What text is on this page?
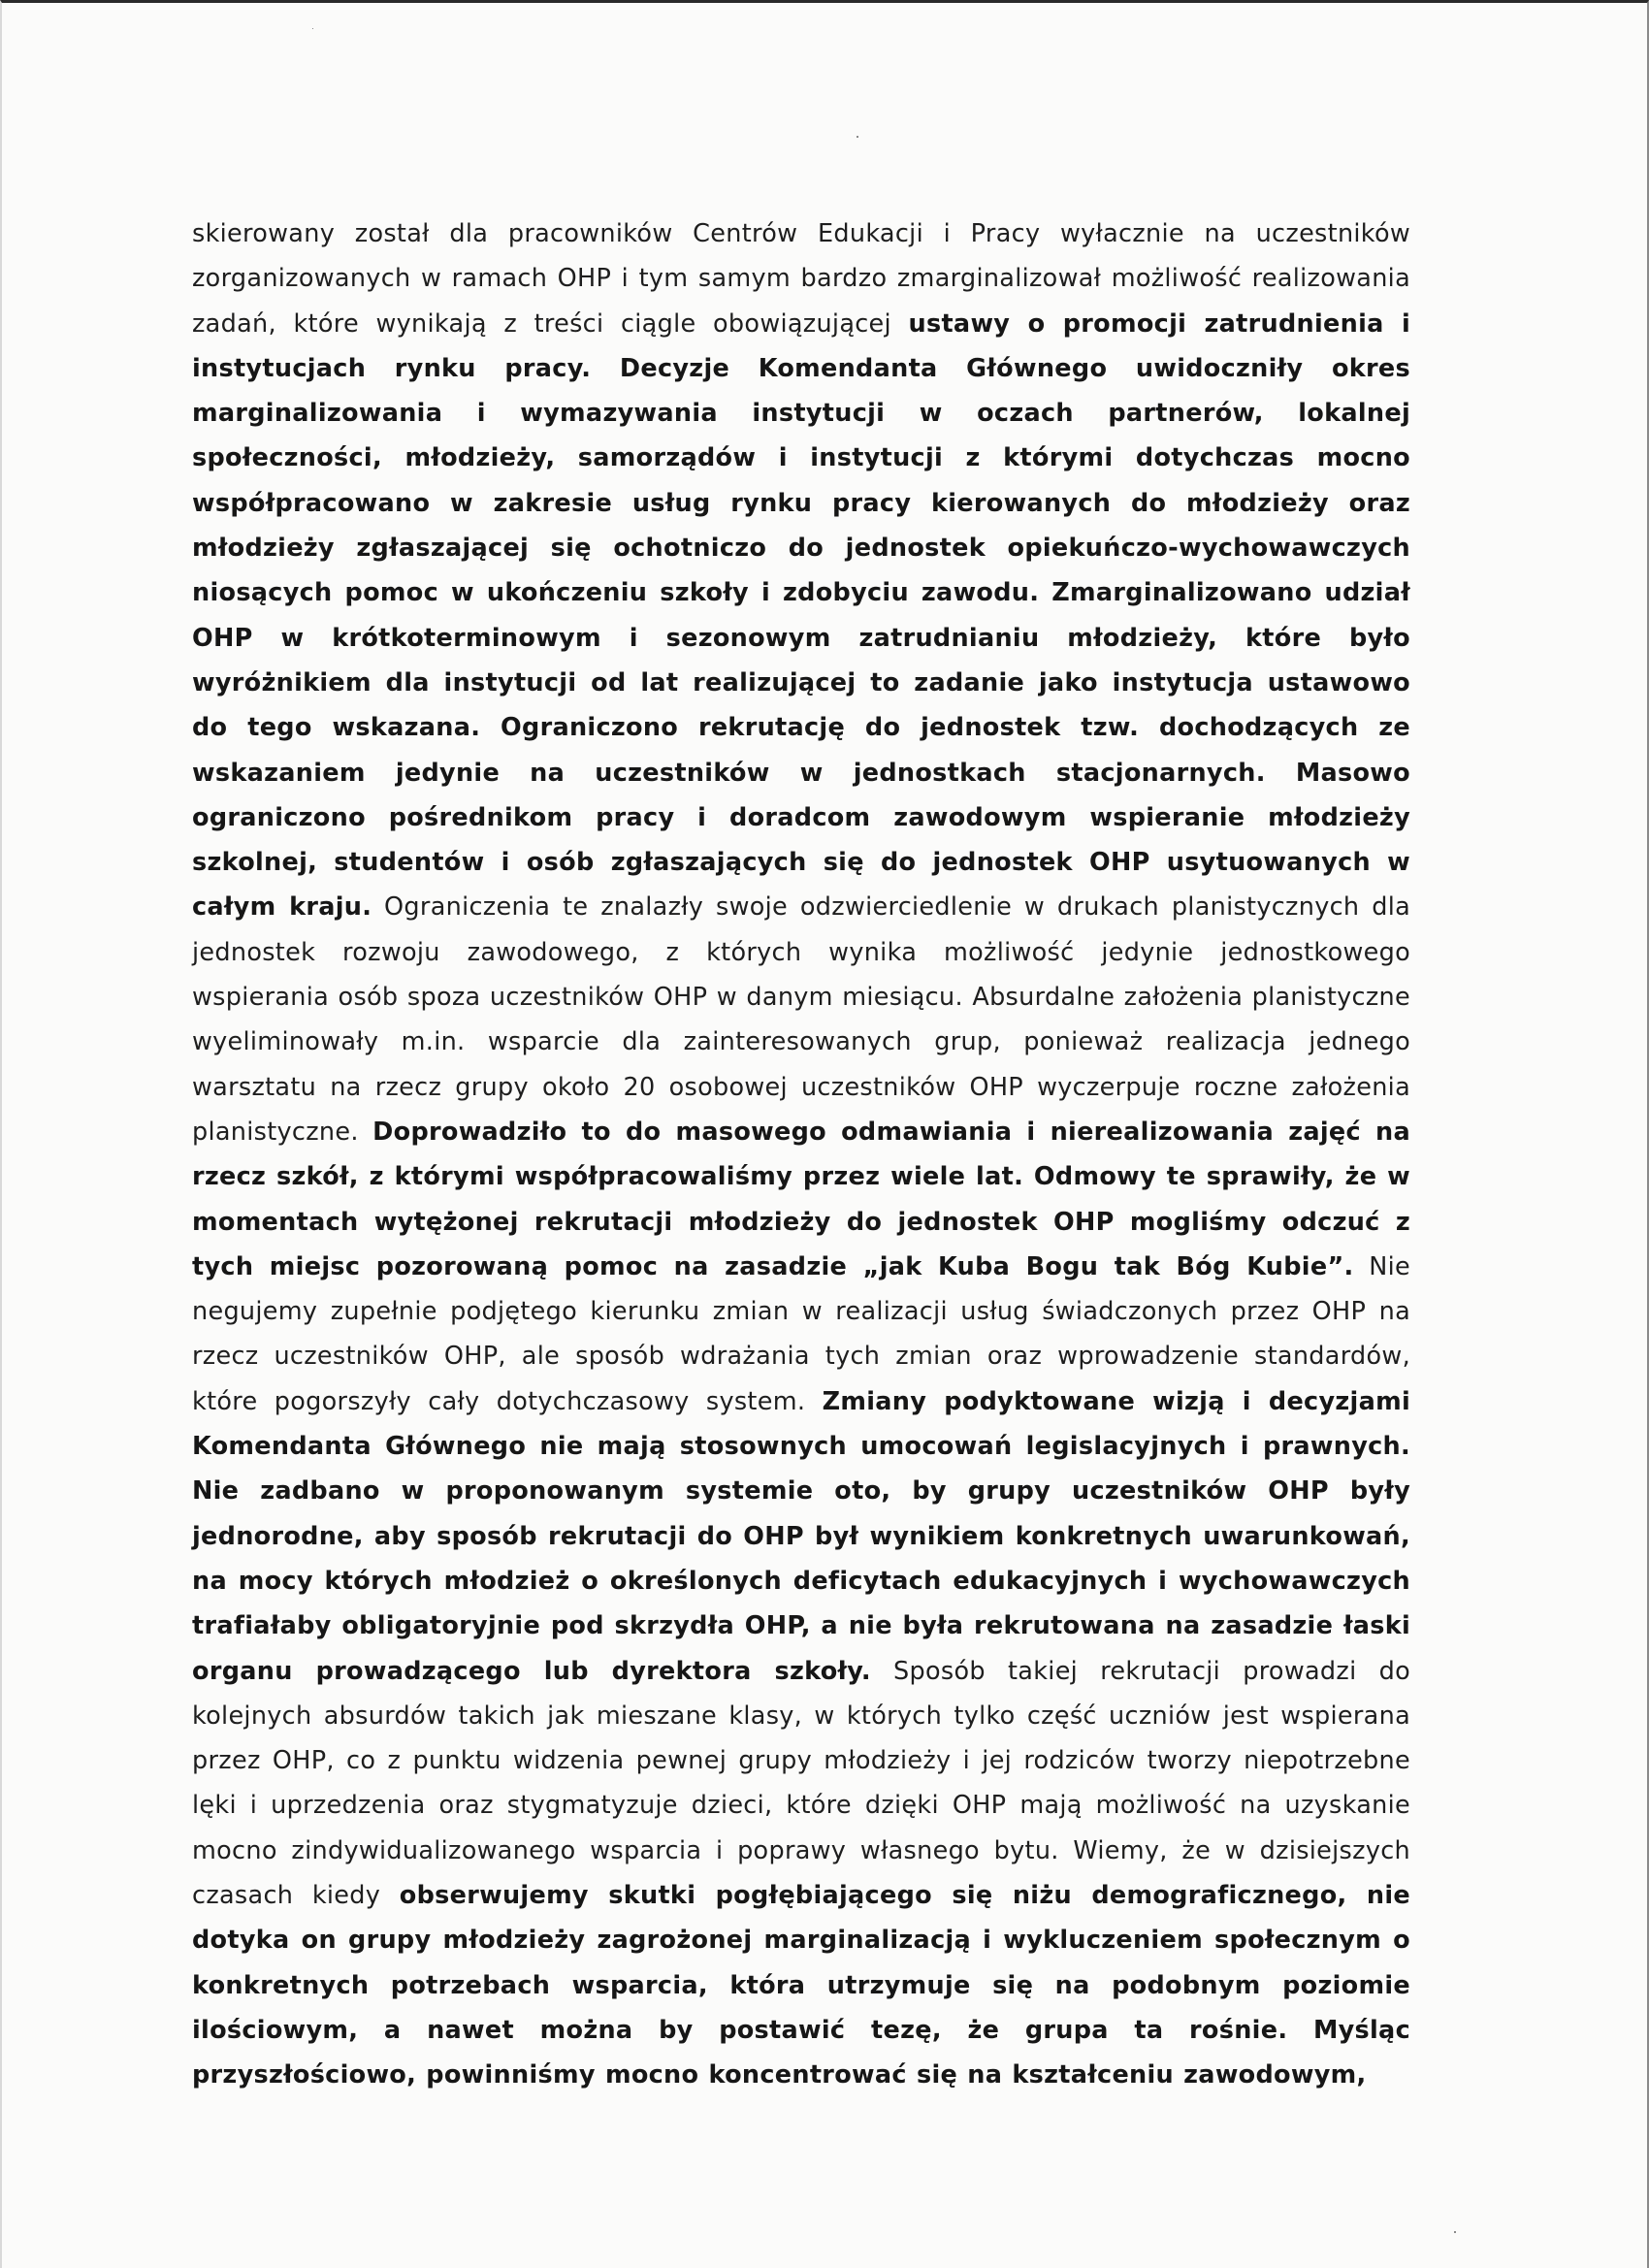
skierowany został dla pracowników Centrów Edukacji i Pracy wyłacznie na uczestników zorganizowanych w ramach OHP i tym samym bardzo zmarginalizował możliwość realizowania zadań, które wynikają z treści ciągle obowiązującej ustawy o promocji zatrudnienia i instytucjach rynku pracy. Decyzje Komendanta Głównego uwidoczniły okres marginalizowania i wymazywania instytucji w oczach partnerów, lokalnej społeczności, młodzieży, samorządów i instytucji z którymi dotychczas mocno współpracowano w zakresie usług rynku pracy kierowanych do młodzieży oraz młodzieży zgłaszającej się ochotniczo do jednostek opiekuńczo-wychowawczych niosących pomoc w ukończeniu szkoły i zdobyciu zawodu. Zmarginalizowano udział OHP w krótkoterminowym i sezonowym zatrudnianiu młodzieży, które było wyróżnikiem dla instytucji od lat realizującej to zadanie jako instytucja ustawowo do tego wskazana. Ograniczono rekrutację do jednostek tzw. dochodzących ze wskazaniem jedynie na uczestników w jednostkach stacjonarnych. Masowo ograniczono pośrednikom pracy i doradcom zawodowym wspieranie młodzieży szkolnej, studentów i osób zgłaszających się do jednostek OHP usytuowanych w całym kraju. Ograniczenia te znalazły swoje odzwierciedlenie w drukach planistycznych dla jednostek rozwoju zawodowego, z których wynika możliwość jedynie jednostkowego wspierania osób spoza uczestników OHP w danym miesiącu. Absurdalne założenia planistyczne wyeliminowały m.in. wsparcie dla zainteresowanych grup, ponieważ realizacja jednego warsztatu na rzecz grupy około 20 osobowej uczestników OHP wyczerpuje roczne założenia planistyczne. Doprowadziło to do masowego odmawiania i nierealizowania zajęć na rzecz szkół, z którymi współpracowaliśmy przez wiele lat. Odmowy te sprawiły, że w momentach wytężonej rekrutacji młodzieży do jednostek OHP mogliśmy odczuć z tych miejsc pozorowaną pomoc na zasadzie „jak Kuba Bogu tak Bóg Kubie”. Nie negujemy zupełnie podjętego kierunku zmian w realizacji usług świadczonych przez OHP na rzecz uczestników OHP, ale sposób wdrażania tych zmian oraz wprowadzenie standardów, które pogorszyły cały dotychczasowy system. Zmiany podyktowane wizją i decyzjami Komendanta Głównego nie mają stosownych umocowań legislacyjnych i prawnych. Nie zadbano w proponowanym systemie oto, by grupy uczestników OHP były jednorodne, aby sposób rekrutacji do OHP był wynikiem konkretnych uwarunkowań, na mocy których młodzież o określonych deficytach edukacyjnych i wychowawczych trafiałaby obligatoryjnie pod skrzydła OHP, a nie była rekrutowana na zasadzie łaski organu prowadzącego lub dyrektora szkoły. Sposób takiej rekrutacji prowadzi do kolejnych absurdów takich jak mieszane klasy, w których tylko część uczniów jest wspierana przez OHP, co z punktu widzenia pewnej grupy młodzieży i jej rodziców tworzy niepotrzebne lęki i uprzedzenia oraz stygmatyzuje dzieci, które dzięki OHP mają możliwość na uzyskanie mocno zindywidualizowanego wsparcia i poprawy własnego bytu. Wiemy, że w dzisiejszych czasach kiedy obserwujemy skutki pogłębiającego się niżu demograficznego, nie dotyka on grupy młodzieży zagrożonej marginalizacją i wykluczeniem społecznym o konkretnych potrzebach wsparcia, która utrzymuje się na podobnym poziomie ilościowym, a nawet można by postawić tezę, że grupa ta rośnie. Myśląc przyszłościowo, powinniśmy mocno koncentrować się na kształceniu zawodowym,
